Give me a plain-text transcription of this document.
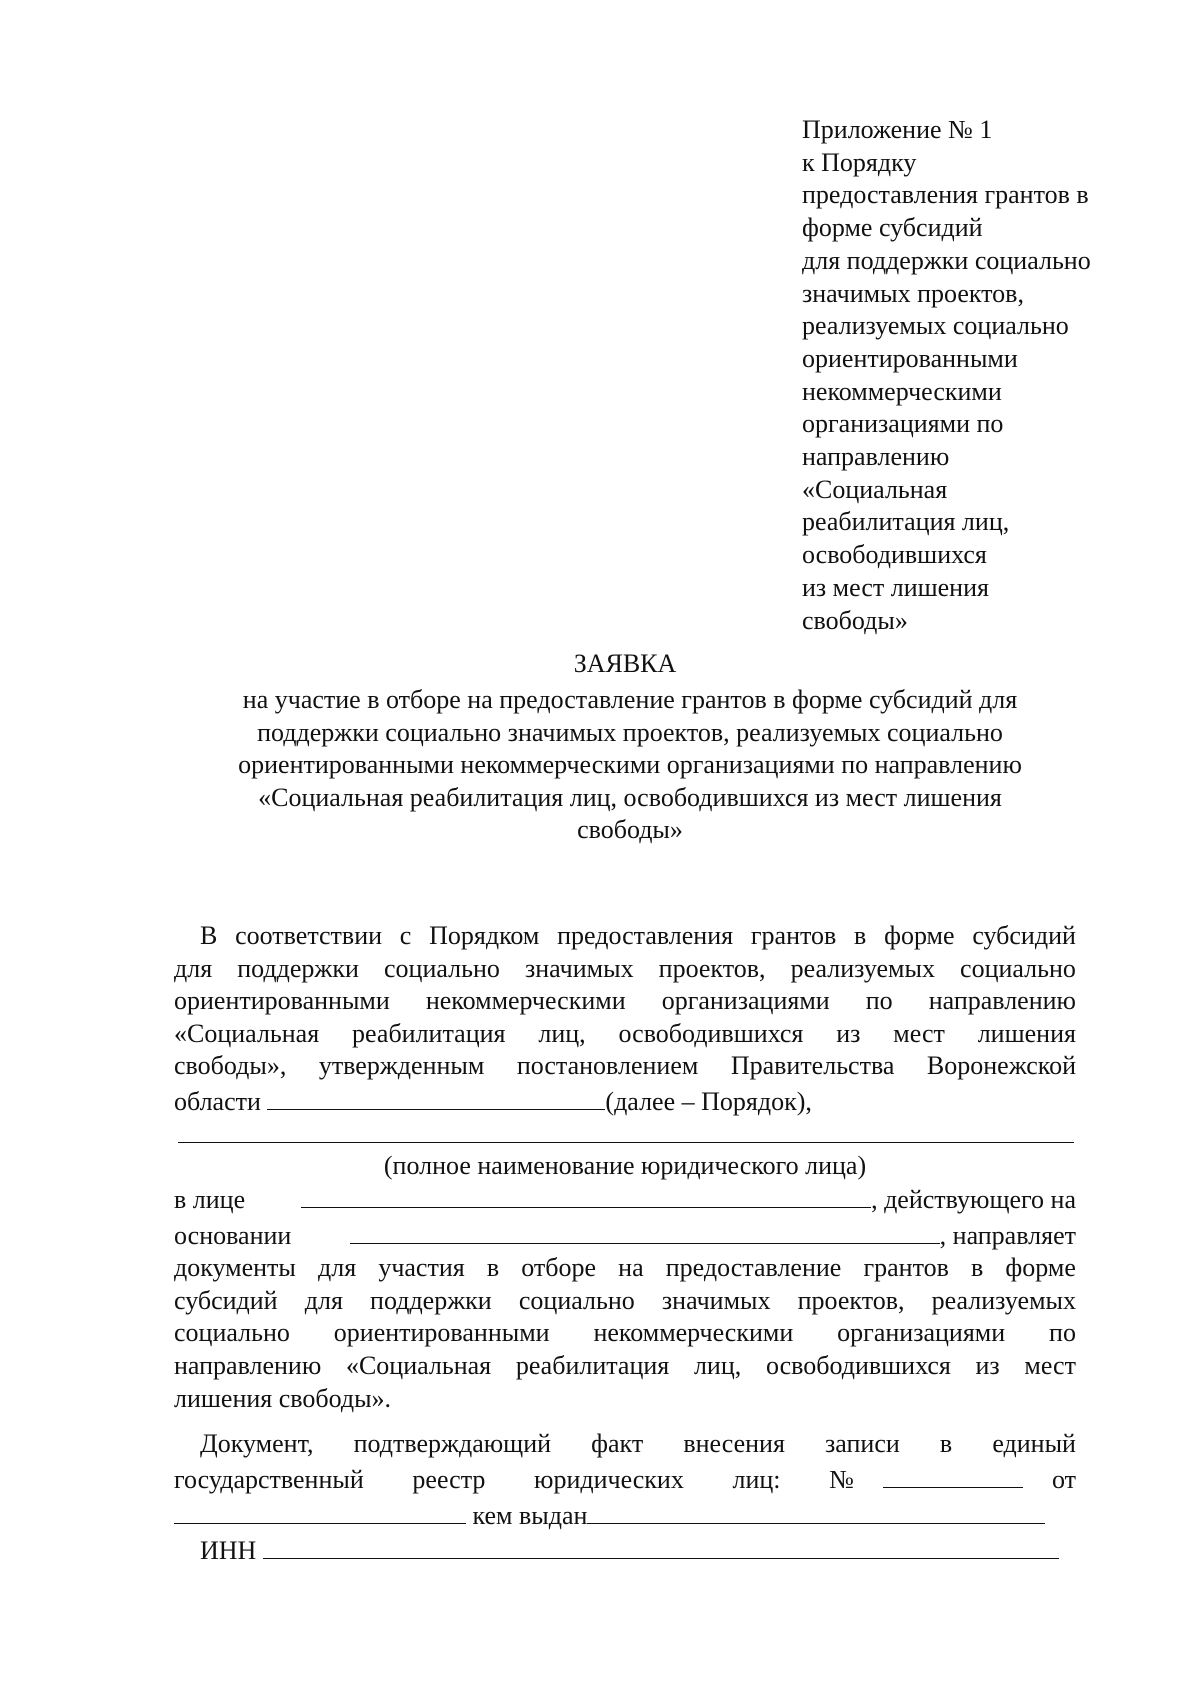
Приложение № 1
к Порядку
предоставления грантов в
форме субсидий
для поддержки социально
значимых проектов,
реализуемых социально
ориентированными
некоммерческими
организациями по
направлению
«Социальная
реабилитация лиц,
освободившихся
из мест лишения
свободы»
ЗАЯВКА
на участие в отборе на предоставление грантов в форме субсидий для
поддержки социально значимых проектов, реализуемых социально
ориентированными некоммерческими организациями по направлению
«Социальная реабилитация лиц, освободившихся из мест лишения
свободы»
В соответствии с Порядком предоставления грантов в форме субсидий
для поддержки социально значимых проектов, реализуемых социально
ориентированными некоммерческими организациями по направлению
«Социальная реабилитация лиц, освободившихся из мест лишения
свободы», утвержденным постановлением Правительства Воронежской
области	(далее – Порядок),
(полное наименование юридического лица)
в лице	, действующего на
основании	, направляет
документы для участия в отборе на предоставление грантов в форме
субсидий для поддержки социально значимых проектов, реализуемых
социально ориентированными некоммерческими организациями по
направлению «Социальная реабилитация лиц, освободившихся из мест
лишения свободы».
Документ, подтверждающий факт внесения записи в единый
государственный реестр юридических лиц: №	от
кем выдан
ИНН
